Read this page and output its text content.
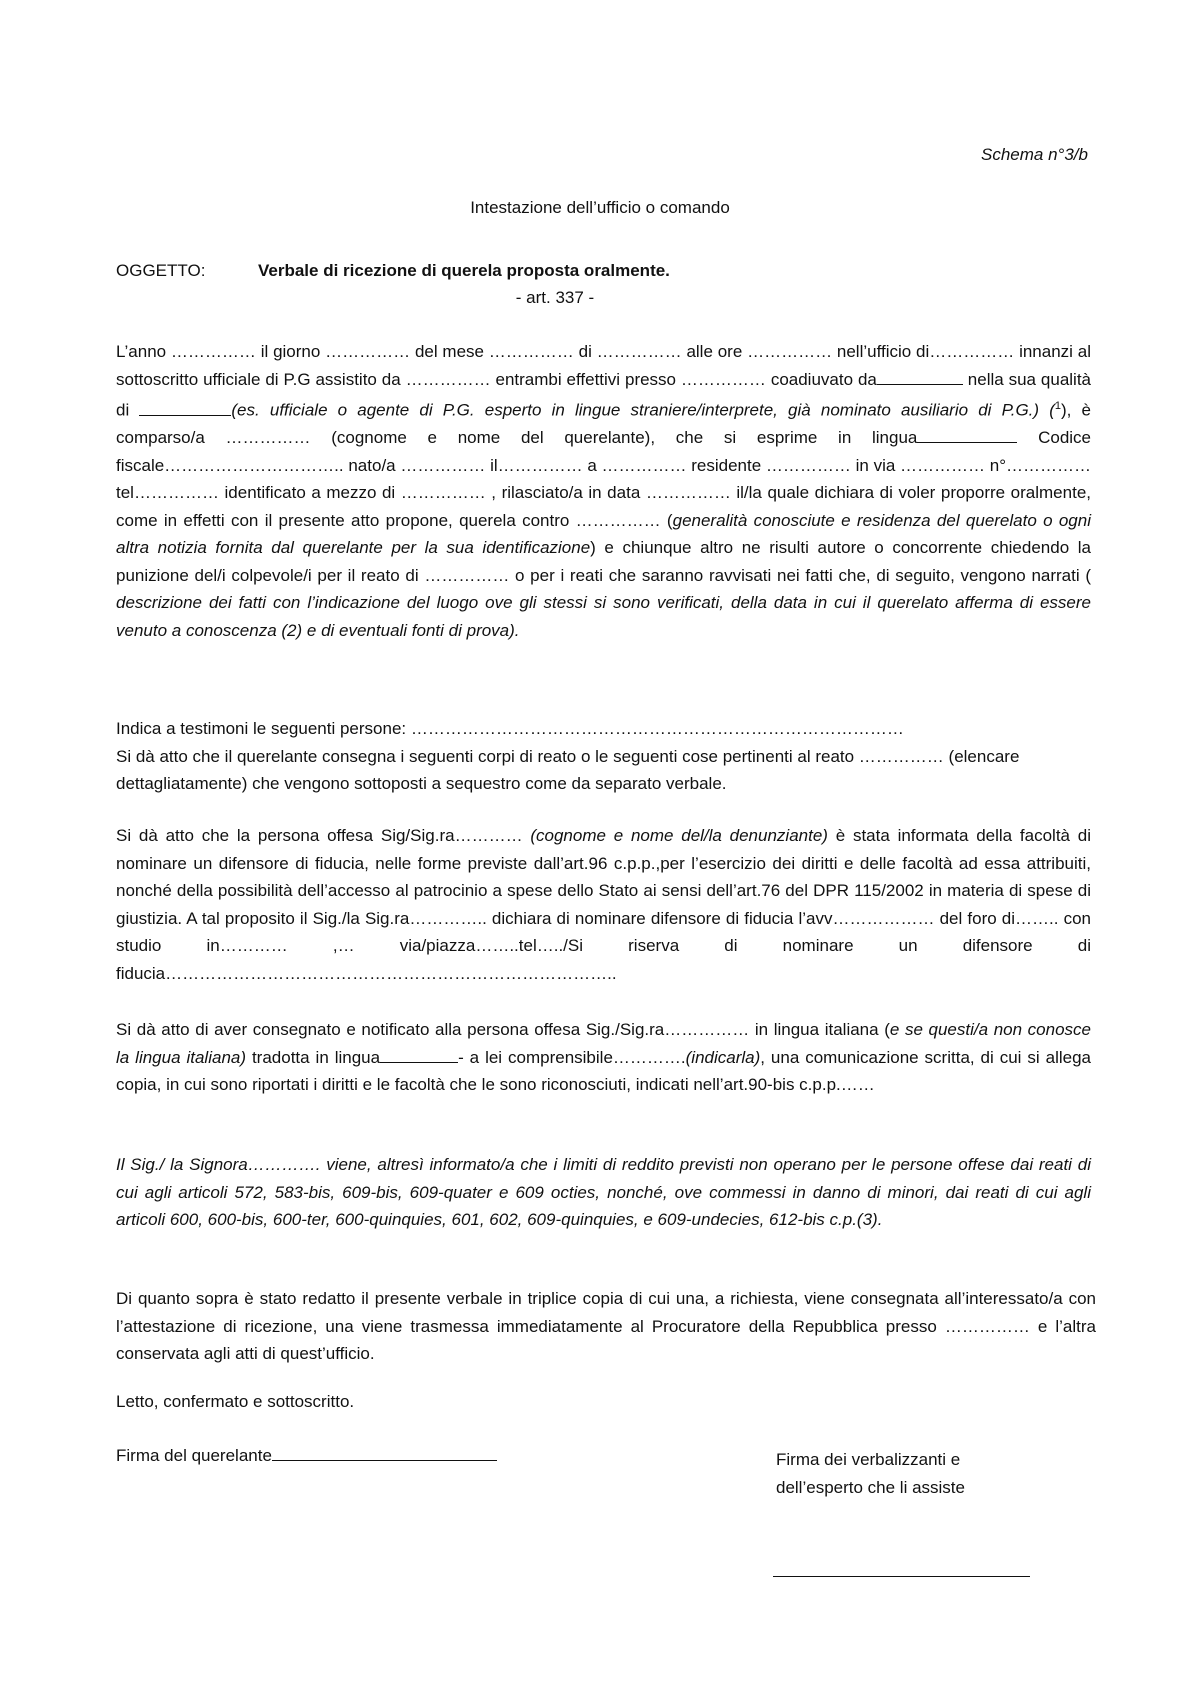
Schema n°3/b
Intestazione dell’ufficio o comando
OGGETTO:	Verbale di ricezione di querela proposta oralmente.
- art. 337 -
L’anno …………… il giorno …………… del mese …………… di …………… alle ore …………… nell’ufficio di…………… innanzi al sottoscritto ufficiale di P.G assistito da …………… entrambi effettivi presso …………… coadiuvato da	nella sua qualità di	(es. ufficiale o agente di P.G. esperto in lingue straniere/interprete, già nominato ausiliario di P.G.) ($^1$), è comparso/a …………… (cognome e nome del querelante), che si esprime in lingua	Codice fiscale………………………….. nato/a …………… il…………… a …………… residente …………… in via …………… n°…………… tel…………… identificato a mezzo di …………… , rilasciato/a in data …………… il/la quale dichiara di voler proporre oralmente, come in effetti con il presente atto propone, querela contro …………… (generalità conosciute e residenza del querelato o ogni altra notizia fornita dal querelante per la sua identificazione) e chiunque altro ne risulti autore o concorrente chiedendo la punizione del/i colpevole/i per il reato di …………… o per i reati che saranno ravvisati nei fatti che, di seguito, vengono narrati ( descrizione dei fatti con l’indicazione del luogo ove gli stessi si sono verificati, della data in cui il querelato afferma di essere venuto a conoscenza (2) e di eventuali fonti di prova).
Indica a testimoni le seguenti persone: ……………………………………………………………………………
Si dà atto che il querelante consegna i seguenti corpi di reato o le seguenti cose pertinenti al reato …………… (elencare dettagliatamente) che vengono sottoposti a sequestro come da separato verbale.
Si dà atto che la persona offesa Sig/Sig.ra………… (cognome e nome del/la denunziante) è stata informata della facoltà di nominare un difensore di fiducia, nelle forme previste dall’art.96 c.p.p.,per l’esercizio dei diritti e delle facoltà ad essa attribuiti, nonché della possibilità dell’accesso al patrocinio a spese dello Stato ai sensi dell’art.76 del DPR 115/2002 in materia di spese di giustizia. A tal proposito il Sig./la Sig.ra………….. dichiara di nominare difensore di fiducia l’avv……………… del foro di…….. con studio in………… ,… via/piazza……..tel…../Si riserva di nominare un difensore di fiducia……………………………………………………………………..
Si dà atto di aver consegnato e notificato alla persona offesa Sig./Sig.ra…………… in lingua italiana (e se questi/a non conosce la lingua italiana) tradotta in lingua	- a lei comprensibile………….(indicarla), una comunicazione scritta, di cui si allega copia, in cui sono riportati i diritti e le facoltà che le sono riconosciuti, indicati nell’art.90-bis c.p.p.……
Il Sig./ la Signora…………. viene, altresì informato/a che i limiti di reddito previsti non operano per le persone offese dai reati di cui agli articoli 572, 583-bis, 609-bis, 609-quater e 609 octies, nonché, ove commessi in danno di minori, dai reati di cui agli articoli 600, 600-bis, 600-ter, 600-quinquies, 601, 602, 609-quinquies, e 609-undecies, 612-bis c.p.(3).
Di quanto sopra è stato redatto il presente verbale in triplice copia di cui una, a richiesta, viene consegnata all’interessato/a con l’attestazione di ricezione, una viene trasmessa immediatamente al Procuratore della Repubblica presso …………… e l’altra conservata agli atti di quest’ufficio.
Letto, confermato e sottoscritto.
Firma del querelante	Firma dei verbalizzanti e
dell’esperto che li assiste
